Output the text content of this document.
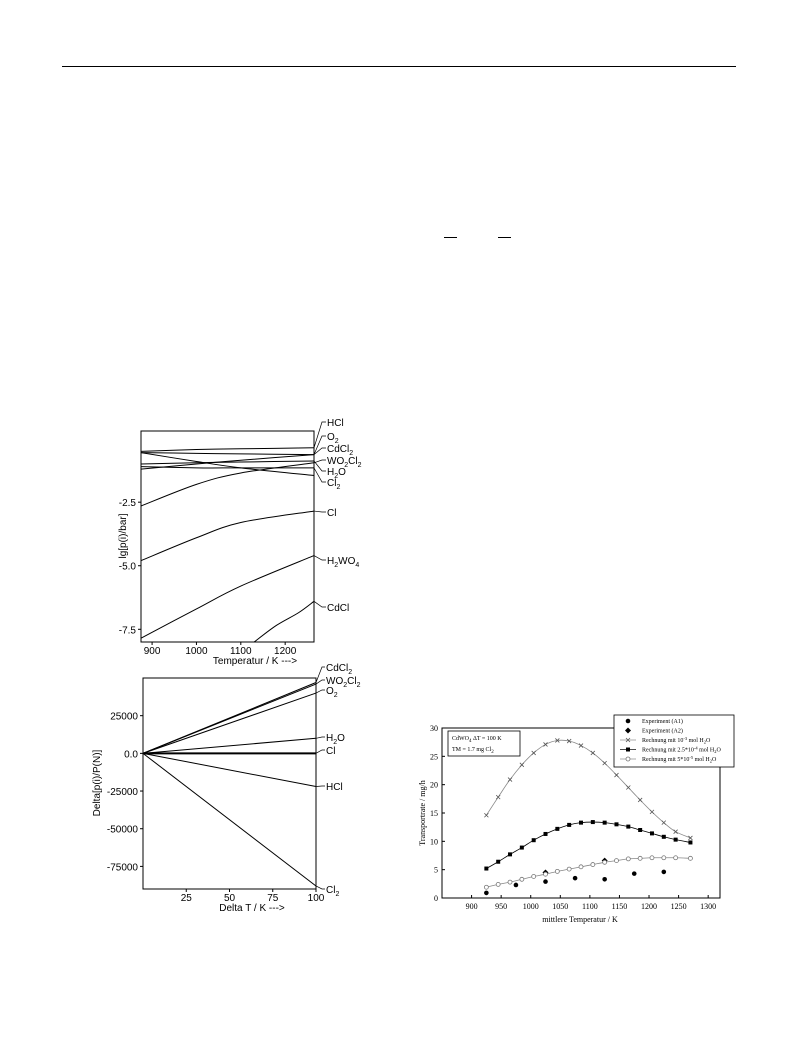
900 1000 1100 1200
-2.5
-5.0
-7.5
HCl
$O_2$
CdCl$_2$
$WO_2Cl_2$
$H_2O$
$Cl_2$
Cl
$H_2WO_4$
CdCl
lg[p(i)/bar]
Temperatur / K --->
25	50	75	100
25000
0.0
-25000
-50000
-75000
CdCl$_2$
$WO_2Cl_2$
$O_2$
$H_2O$
Cl
HCl
$Cl_2$
Delta[p(i)/P(N)]
Delta T / K --->	900 950 1000 1050 1100 1150 1200 1250 1300
0
5
10
15
20
25
30
Transportrate / mg/h
mittlere Temperatur / K
CdWO$_4$ ΔT = 100 K
TM = 1.7 mg $Cl_2$
Experiment (A1)
Experiment (A2)
Rechnung mit $10^{-3}$ mol $H_2O$
Rechnung mit $2.5*10^{-4}$ mol $H_2O$
Rechnung mit $5*10^{-5}$ mol $H_2O$
